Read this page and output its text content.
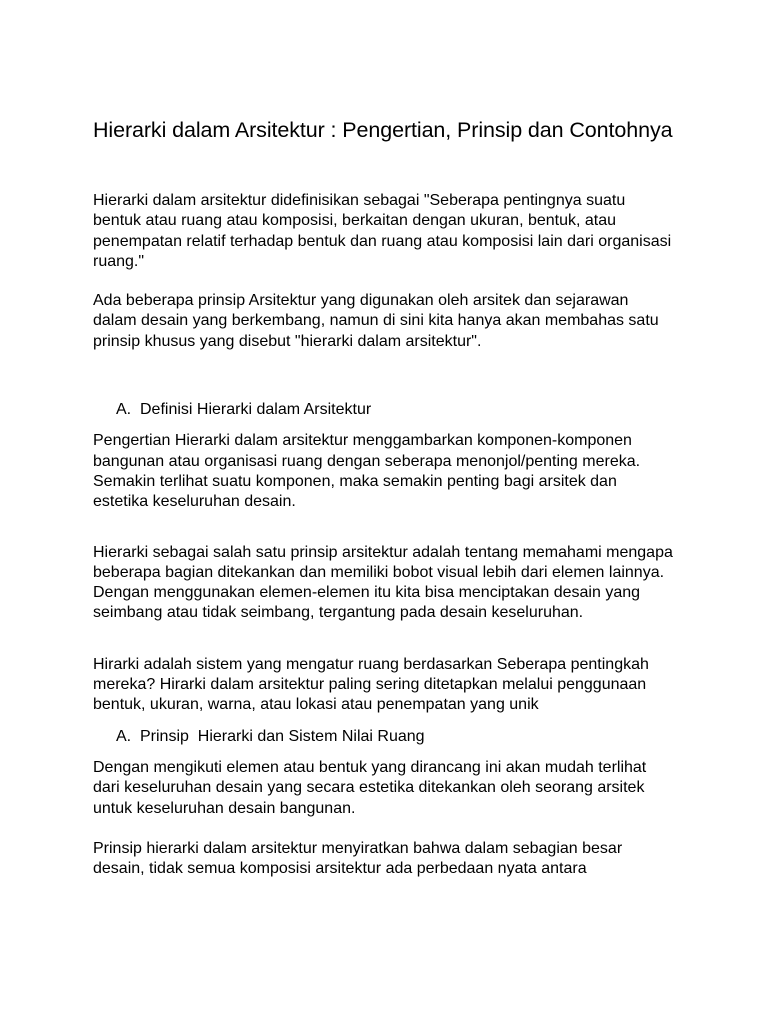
Hierarki dalam Arsitektur : Pengertian, Prinsip dan Contohnya

Hierarki dalam arsitektur didefinisikan sebagai "Seberapa pentingnya suatu bentuk atau ruang atau komposisi, berkaitan dengan ukuran, bentuk, atau penempatan relatif terhadap bentuk dan ruang atau komposisi lain dari organisasi ruang."

Ada beberapa prinsip Arsitektur yang digunakan oleh arsitek dan sejarawan dalam desain yang berkembang, namun di sini kita hanya akan membahas satu prinsip khusus yang disebut "hierarki dalam arsitektur".

A. Definisi Hierarki dalam Arsitektur

Pengertian Hierarki dalam arsitektur menggambarkan komponen-komponen bangunan atau organisasi ruang dengan seberapa menonjol/penting mereka. Semakin terlihat suatu komponen, maka semakin penting bagi arsitek dan estetika keseluruhan desain.

Hierarki sebagai salah satu prinsip arsitektur adalah tentang memahami mengapa beberapa bagian ditekankan dan memiliki bobot visual lebih dari elemen lainnya. Dengan menggunakan elemen-elemen itu kita bisa menciptakan desain yang seimbang atau tidak seimbang, tergantung pada desain keseluruhan.

Hirarki adalah sistem yang mengatur ruang berdasarkan Seberapa pentingkah mereka? Hirarki dalam arsitektur paling sering ditetapkan melalui penggunaan bentuk, ukuran, warna, atau lokasi atau penempatan yang unik

A. Prinsip  Hierarki dan Sistem Nilai Ruang

Dengan mengikuti elemen atau bentuk yang dirancang ini akan mudah terlihat dari keseluruhan desain yang secara estetika ditekankan oleh seorang arsitek untuk keseluruhan desain bangunan.

Prinsip hierarki dalam arsitektur menyiratkan bahwa dalam sebagian besar desain, tidak semua komposisi arsitektur ada perbedaan nyata antara
